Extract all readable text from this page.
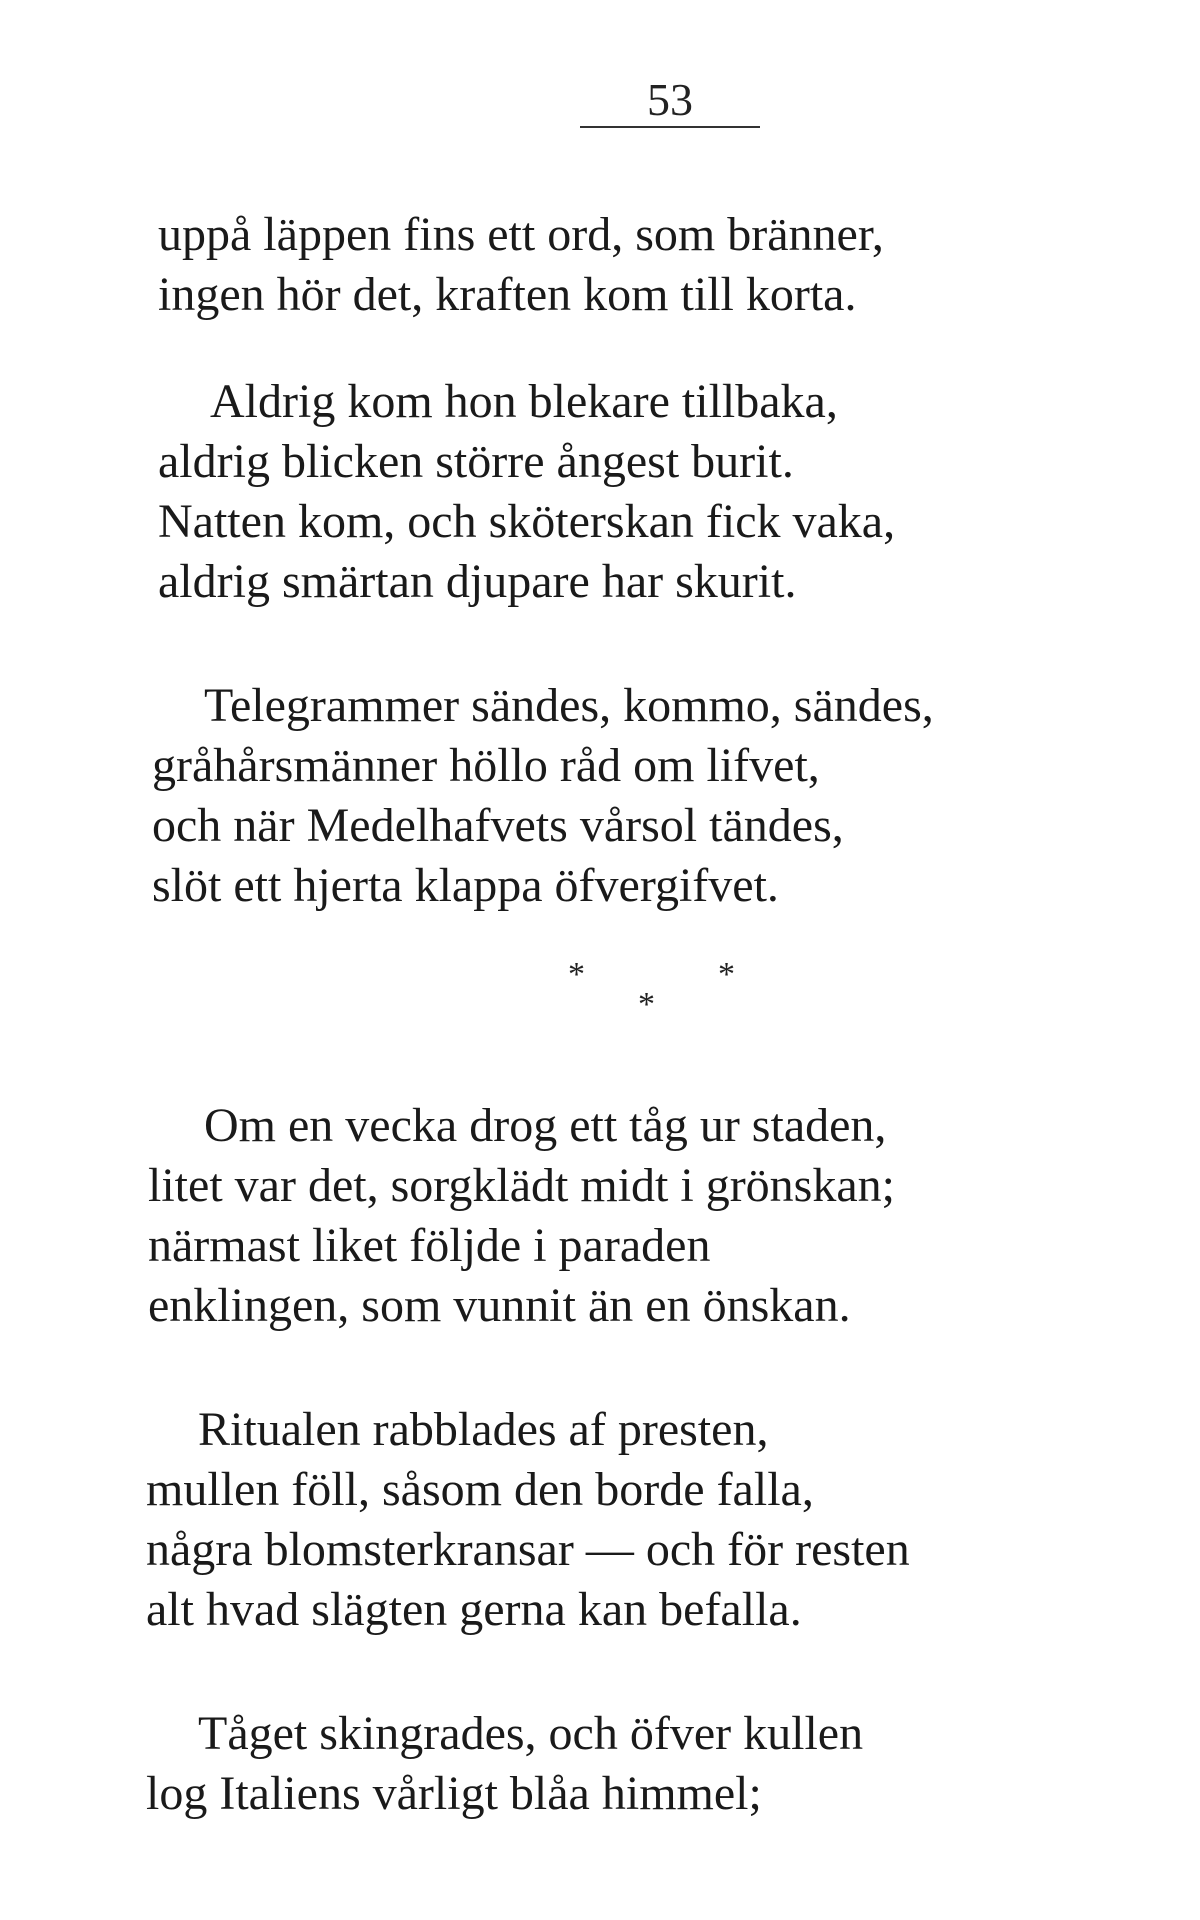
53
uppå läppen fins ett ord, som bränner,
ingen hör det, kraften kom till korta.
Aldrig kom hon blekare tillbaka,
aldrig blicken större ångest burit.
Natten kom, och sköterskan fick vaka,
aldrig smärtan djupare har skurit.
Telegrammer sändes, kommo, sändes,
gråhårsmänner höllo råd om lifvet,
och när Medelhafvets vårsol tändes,
slöt ett hjerta klappa öfvergifvet.
*
*
*
Om en vecka drog ett tåg ur staden,
litet var det, sorgklädt midt i grönskan;
närmast liket följde i paraden
enklingen, som vunnit än en önskan.
Ritualen rabblades af presten,
mullen föll, såsom den borde falla,
några blomsterkransar — och för resten
alt hvad slägten gerna kan befalla.
Tåget skingrades, och öfver kullen
log Italiens vårligt blåa himmel;
